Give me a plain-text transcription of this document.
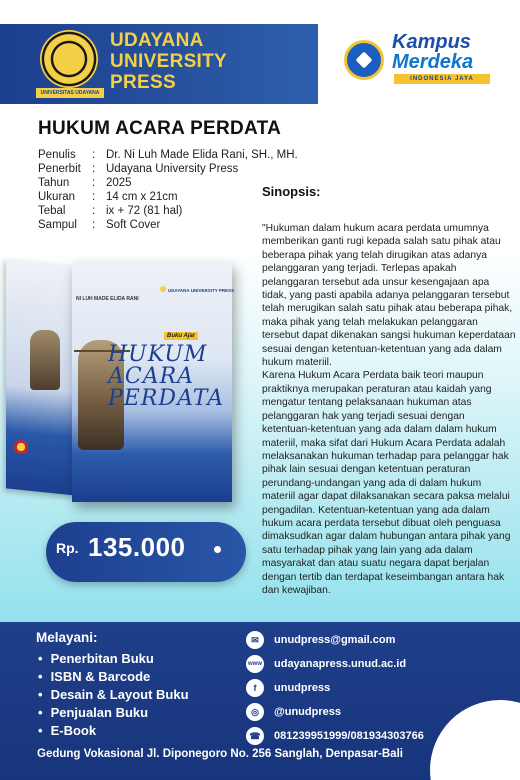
UNIVERSITAS UDAYANA
UDAYANA
UNIVERSITY
PRESS
Kampus
Merdeka
INDONESIA JAYA
HUKUM ACARA PERDATA
Penulis	: Dr. Ni Luh Made Elida Rani, SH., MH.
Penerbit : Udayana University Press
Tahun	: 2025
Ukuran	: 14 cm x 21cm
Tebal	: ix + 72 (81 hal)
Sampul	: Soft Cover
NI LUH MADE ELIDA RANI
UDAYANA UNIVERSITY PRESS
Buku Ajar
HUKUM
ACARA
PERDATA
Rp. 135.000
Sinopsis:

"Hukuman dalam hukum acara perdata umumnya memberikan ganti rugi kepada salah satu pihak atau beberapa pihak yang telah dirugikan atas adanya pelanggaran yang terjadi. Terlepas apakah pelanggaran tersebut ada unsur kesengajaan apa tidak, yang pasti apabila adanya pelanggaran tersebut telah merugikan salah satu pihak atau beberapa pihak, maka pihak yang telah melakukan pelanggaran tersebut dapat dikenakan sangsi hukuman keperdataan sesuai dengan ketentuan-ketentuan yang ada dalam hukum materiil.

Karena Hukum Acara Perdata baik teori maupun praktiknya merupakan peraturan atau kaidah yang mengatur tentang pelaksanaan hukuman atas pelanggaran hak yang terjadi sesuai dengan ketentuan-ketentuan yang ada dalam dalam hukum materiil, maka sifat dari Hukum Acara Perdata adalah melaksanakan hukuman terhadap para pelanggar hak pihak lain sesuai dengan ketentuan peraturan perundang-undangan yang ada di dalam hukum materiil agar dapat dilaksanakan secara paksa melalui pengadilan. Ketentuan-ketentuan yang ada dalam hukum acara perdata tersebut dibuat oleh penguasa dimaksudkan agar dalam hubungan antara pihak yang satu terhadap pihak yang lain yang ada dalam masyarakat dan atau suatu negara dapat berjalan dengan tertib dan terdapat keseimbangan antara hak dan kewajiban.

Melayani:
• Penerbitan Buku
• ISBN & Barcode
• Desain & Layout Buku
• Penjualan Buku
• E-Book
✉	unudpress@gmail.com
www udayanapress.unud.ac.id
f	unudpress
◎	@unudpress
☎	081239951999/081934303766
Gedung Vokasional Jl. Diponegoro No. 256 Sanglah, Denpasar-Bali
